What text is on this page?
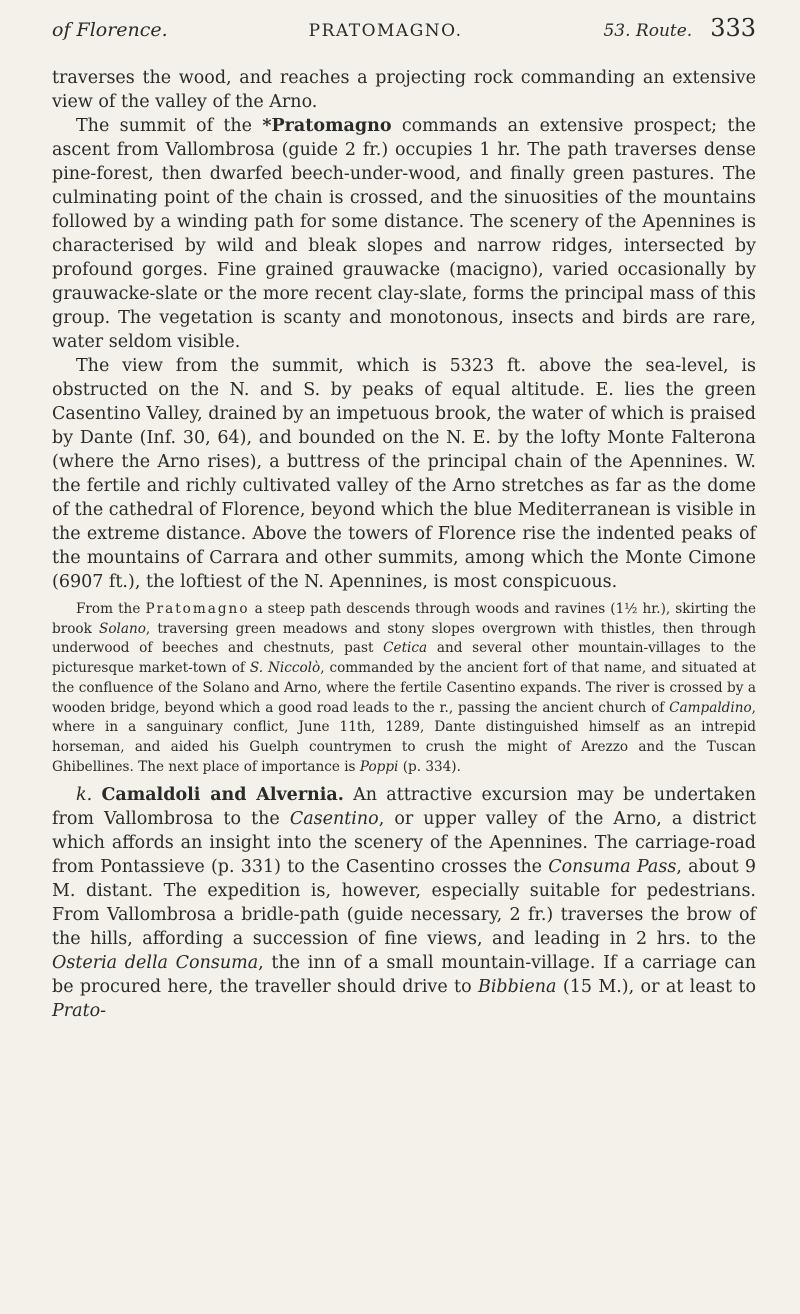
of Florence.	PRATOMAGNO.	53. Route. 333

traverses the wood, and reaches a projecting rock commanding an extensive view of the valley of the Arno.

The summit of the *Pratomagno commands an extensive prospect; the ascent from Vallombrosa (guide 2 fr.) occupies 1 hr. The path traverses dense pine-forest, then dwarfed beech-under-wood, and finally green pastures. The culminating point of the chain is crossed, and the sinuosities of the mountains followed by a winding path for some distance. The scenery of the Apennines is characterised by wild and bleak slopes and narrow ridges, intersected by profound gorges. Fine grained grauwacke (macigno), varied occasionally by grauwacke-slate or the more recent clay-slate, forms the principal mass of this group. The vegetation is scanty and monotonous, insects and birds are rare, water seldom visible.

The view from the summit, which is 5323 ft. above the sea-level, is obstructed on the N. and S. by peaks of equal altitude. E. lies the green Casentino Valley, drained by an impetuous brook, the water of which is praised by Dante (Inf. 30, 64), and bounded on the N. E. by the lofty Monte Falterona (where the Arno rises), a buttress of the principal chain of the Apennines. W. the fertile and richly cultivated valley of the Arno stretches as far as the dome of the cathedral of Florence, beyond which the blue Mediterranean is visible in the extreme distance. Above the towers of Florence rise the indented peaks of the mountains of Carrara and other summits, among which the Monte Cimone (6907 ft.), the loftiest of the N. Apennines, is most conspicuous.

From the Pratomagno a steep path descends through woods and ravines (1½ hr.), skirting the brook Solano, traversing green meadows and stony slopes overgrown with thistles, then through underwood of beeches and chestnuts, past Cetica and several other mountain-villages to the picturesque market-town of S. Niccolò, commanded by the ancient fort of that name, and situated at the confluence of the Solano and Arno, where the fertile Casentino expands. The river is crossed by a wooden bridge, beyond which a good road leads to the r., passing the ancient church of Campaldino, where in a sanguinary conflict, June 11th, 1289, Dante distinguished himself as an intrepid horseman, and aided his Guelph countrymen to crush the might of Arezzo and the Tuscan Ghibellines. The next place of importance is Poppi (p. 334).

k. Camaldoli and Alvernia. An attractive excursion may be undertaken from Vallombrosa to the Casentino, or upper valley of the Arno, a district which affords an insight into the scenery of the Apennines. The carriage-road from Pontassieve (p. 331) to the Casentino crosses the Consuma Pass, about 9 M. distant. The expedition is, however, especially suitable for pedestrians. From Vallombrosa a bridle-path (guide necessary, 2 fr.) traverses the brow of the hills, affording a succession of fine views, and leading in 2 hrs. to the Osteria della Consuma, the inn of a small mountain-village. If a carriage can be procured here, the traveller should drive to Bibbiena (15 M.), or at least to Prato-
